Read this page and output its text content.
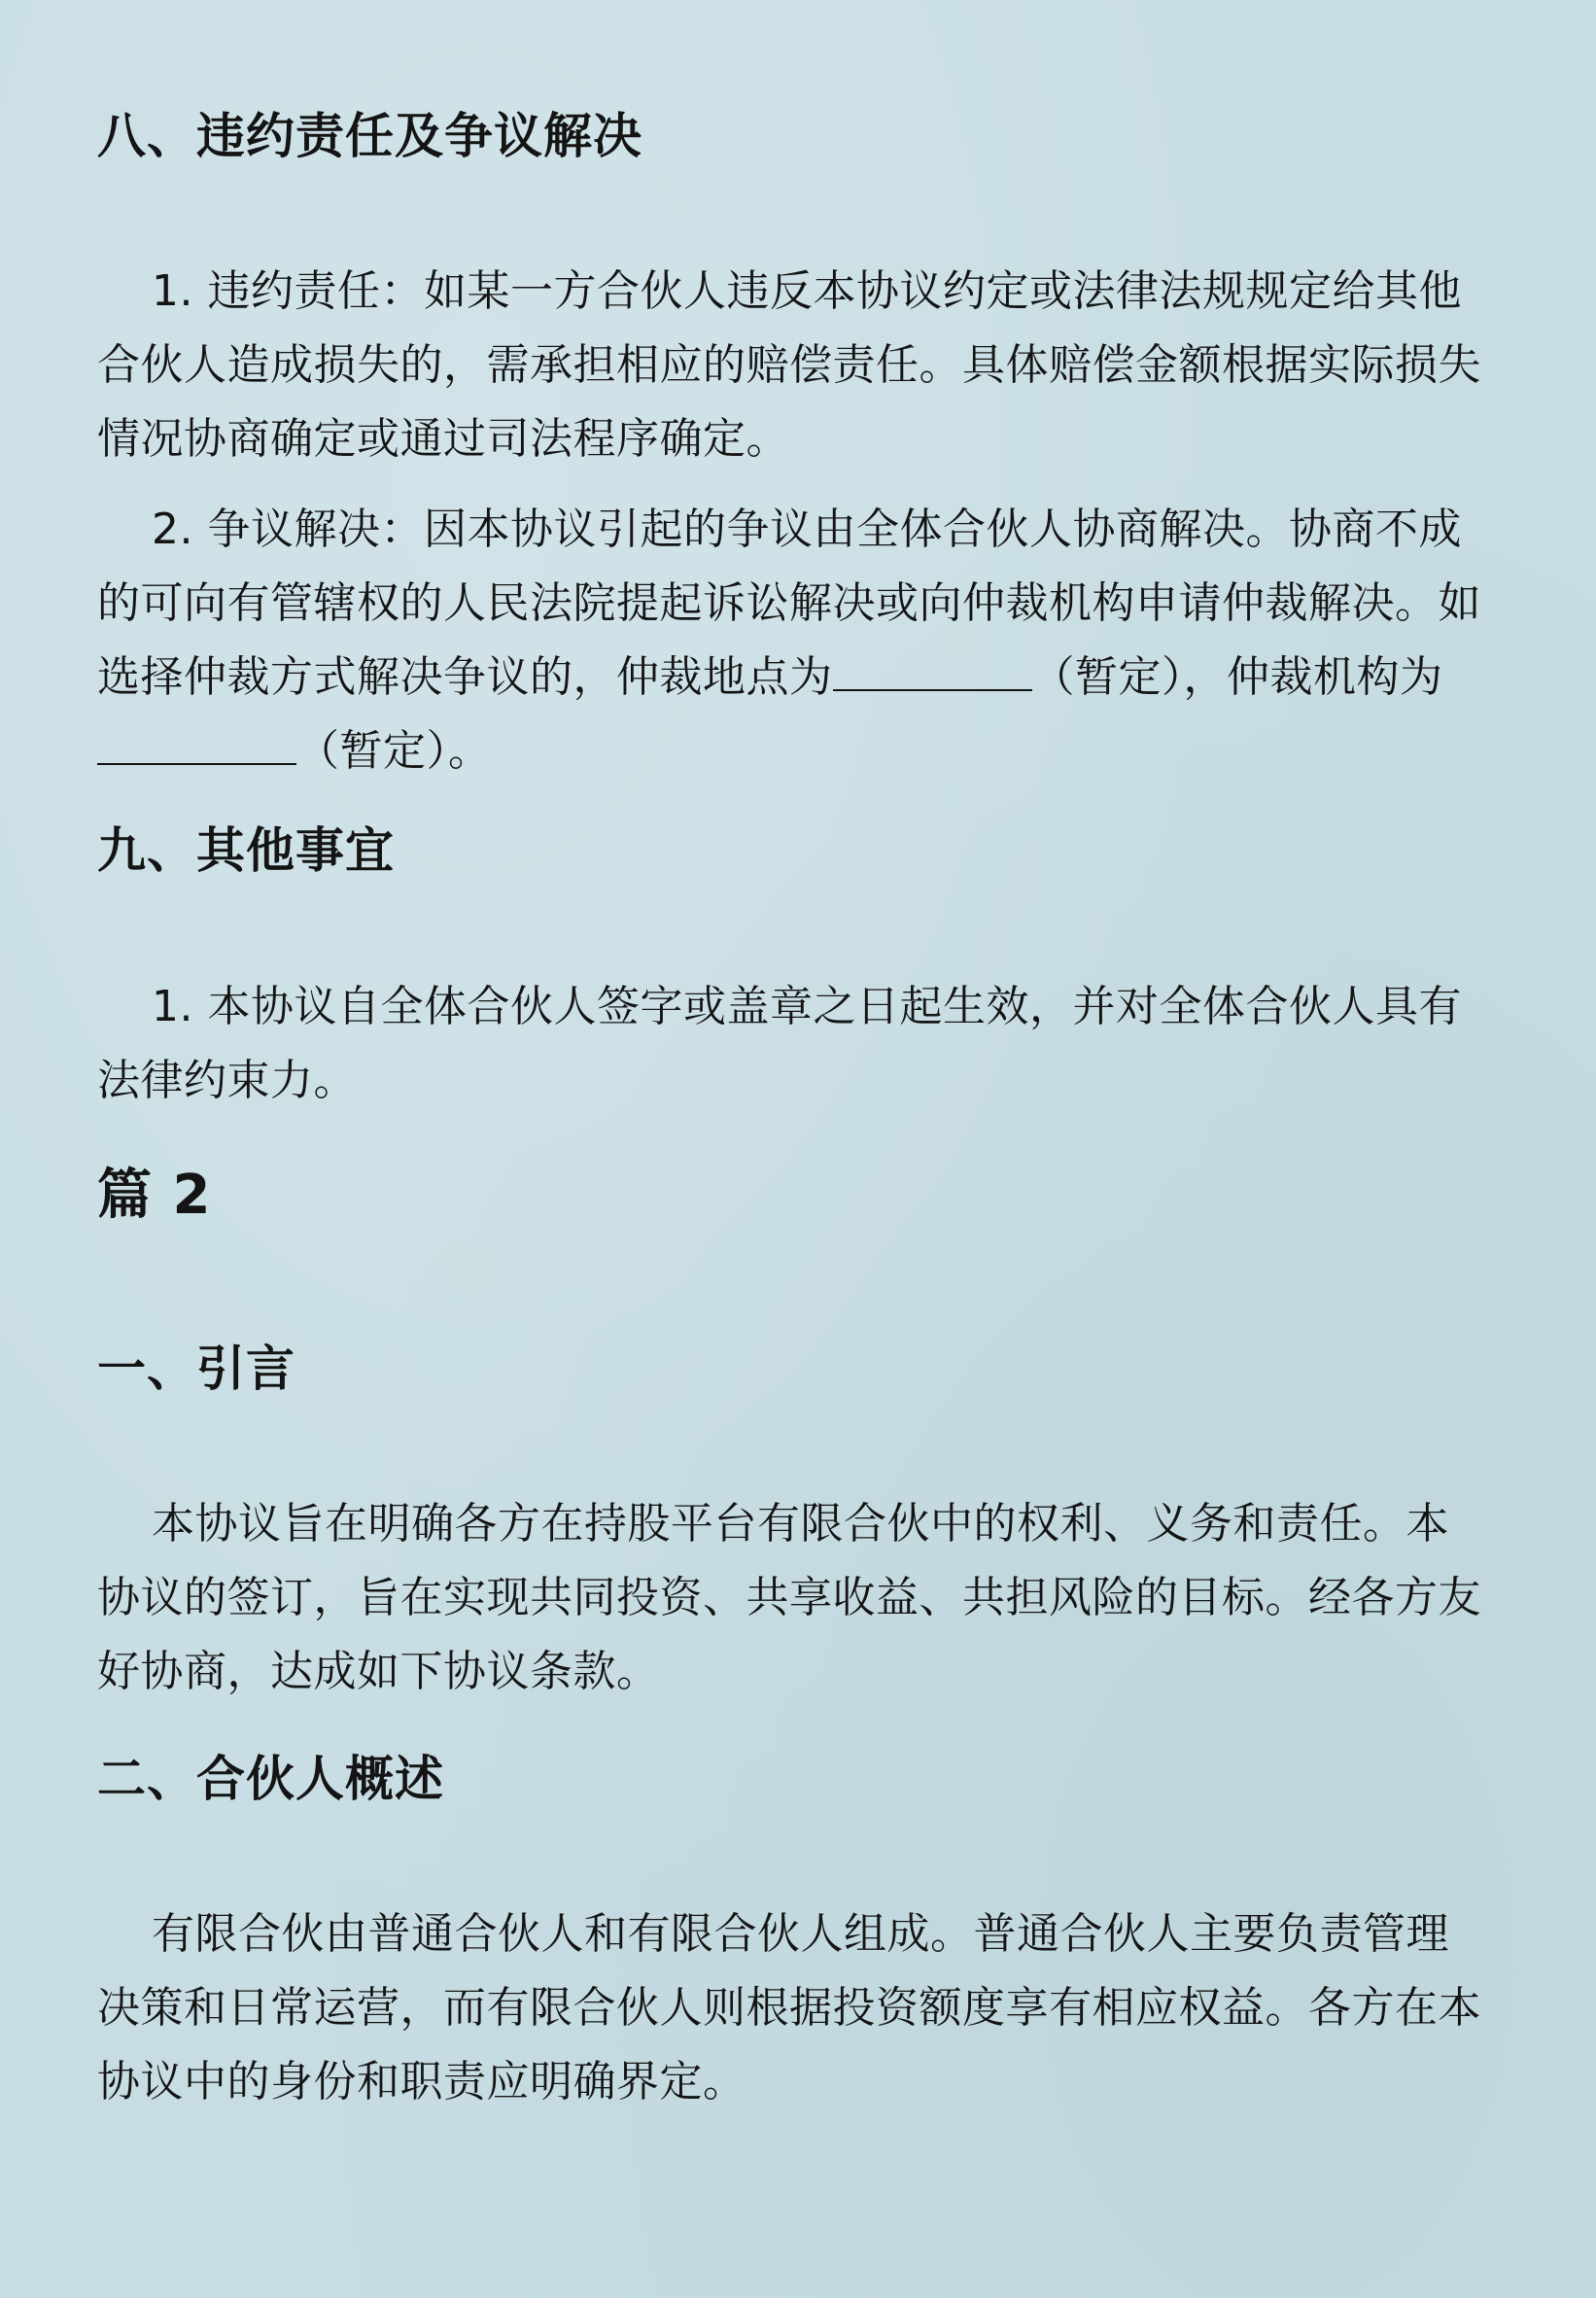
八、违约责任及争议解决
1. 违约责任：如某一方合伙人违反本协议约定或法律法规规定给其他合伙人造成损失的，需承担相应的赔偿责任。具体赔偿金额根据实际损失情况协商确定或通过司法程序确定。
2. 争议解决：因本协议引起的争议由全体合伙人协商解决。协商不成的可向有管辖权的人民法院提起诉讼解决或向仲裁机构申请仲裁解决。如选择仲裁方式解决争议的，仲裁地点为	（暂定），仲裁机构为（暂定）。
九、其他事宜
1. 本协议自全体合伙人签字或盖章之日起生效，并对全体合伙人具有法律约束力。
篇 2
一、引言
本协议旨在明确各方在持股平台有限合伙中的权利、义务和责任。本协议的签订，旨在实现共同投资、共享收益、共担风险的目标。经各方友好协商，达成如下协议条款。
二、合伙人概述
有限合伙由普通合伙人和有限合伙人组成。普通合伙人主要负责管理决策和日常运营，而有限合伙人则根据投资额度享有相应权益。各方在本协议中的身份和职责应明确界定。
